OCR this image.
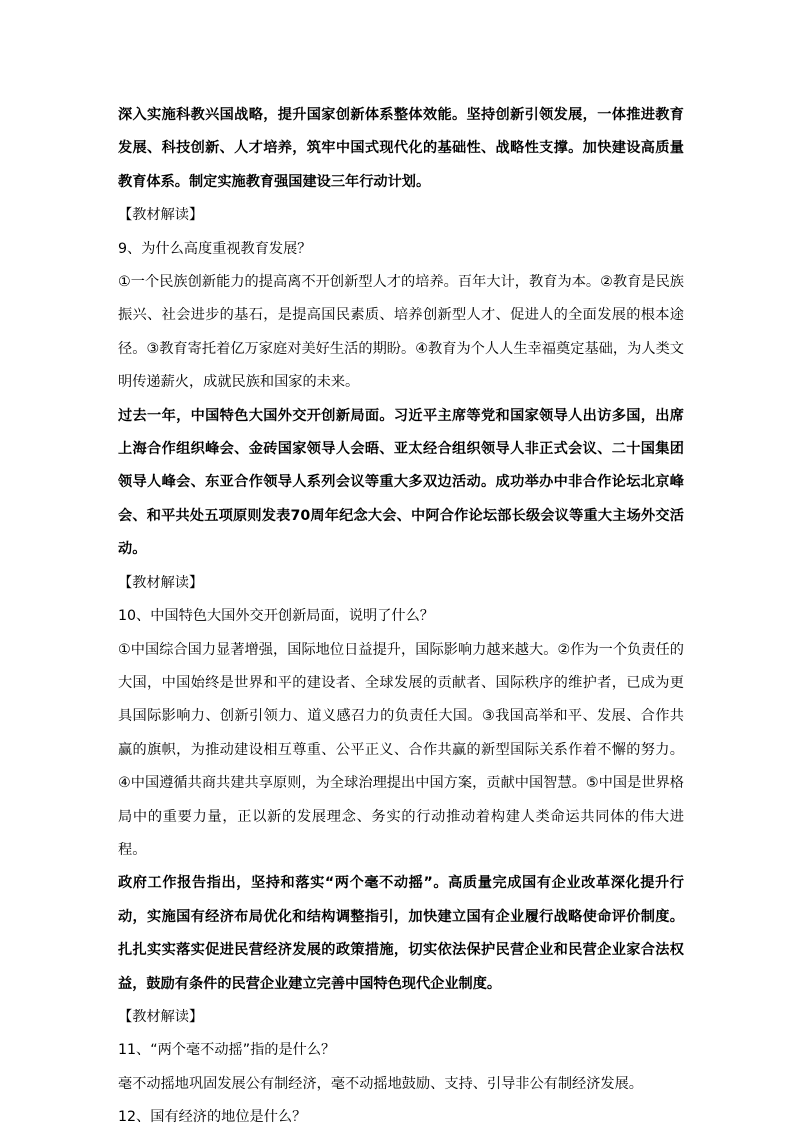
深入实施科教兴国战略，提升国家创新体系整体效能。坚持创新引领发展，一体推进教育发展、科技创新、人才培养，筑牢中国式现代化的基础性、战略性支撑。加快建设高质量教育体系。制定实施教育强国建设三年行动计划。

【教材解读】

9、为什么高度重视教育发展？

①一个民族创新能力的提高离不开创新型人才的培养。百年大计，教育为本。②教育是民族振兴、社会进步的基石，是提高国民素质、培养创新型人才、促进人的全面发展的根本途径。③教育寄托着亿万家庭对美好生活的期盼。④教育为个人人生幸福奠定基础，为人类文明传递薪火，成就民族和国家的未来。

过去一年，中国特色大国外交开创新局面。习近平主席等党和国家领导人出访多国，出席上海合作组织峰会、金砖国家领导人会晤、亚太经合组织领导人非正式会议、二十国集团领导人峰会、东亚合作领导人系列会议等重大多双边活动。成功举办中非合作论坛北京峰会、和平共处五项原则发表70周年纪念大会、中阿合作论坛部长级会议等重大主场外交活动。

【教材解读】

10、中国特色大国外交开创新局面，说明了什么？

①中国综合国力显著增强，国际地位日益提升，国际影响力越来越大。②作为一个负责任的大国，中国始终是世界和平的建设者、全球发展的贡献者、国际秩序的维护者，已成为更具国际影响力、创新引领力、道义感召力的负责任大国。③我国高举和平、发展、合作共赢的旗帜，为推动建设相互尊重、公平正义、合作共赢的新型国际关系作着不懈的努力。④中国遵循共商共建共享原则，为全球治理提出中国方案，贡献中国智慧。⑤中国是世界格局中的重要力量，正以新的发展理念、务实的行动推动着构建人类命运共同体的伟大进程。

政府工作报告指出，坚持和落实“两个毫不动摇”。高质量完成国有企业改革深化提升行动，实施国有经济布局优化和结构调整指引，加快建立国有企业履行战略使命评价制度。扎扎实实落实促进民营经济发展的政策措施，切实依法保护民营企业和民营企业家合法权益，鼓励有条件的民营企业建立完善中国特色现代企业制度。

【教材解读】

11、“两个毫不动摇”指的是什么？

毫不动摇地巩固发展公有制经济，毫不动摇地鼓励、支持、引导非公有制经济发展。

12、国有经济的地位是什么？
